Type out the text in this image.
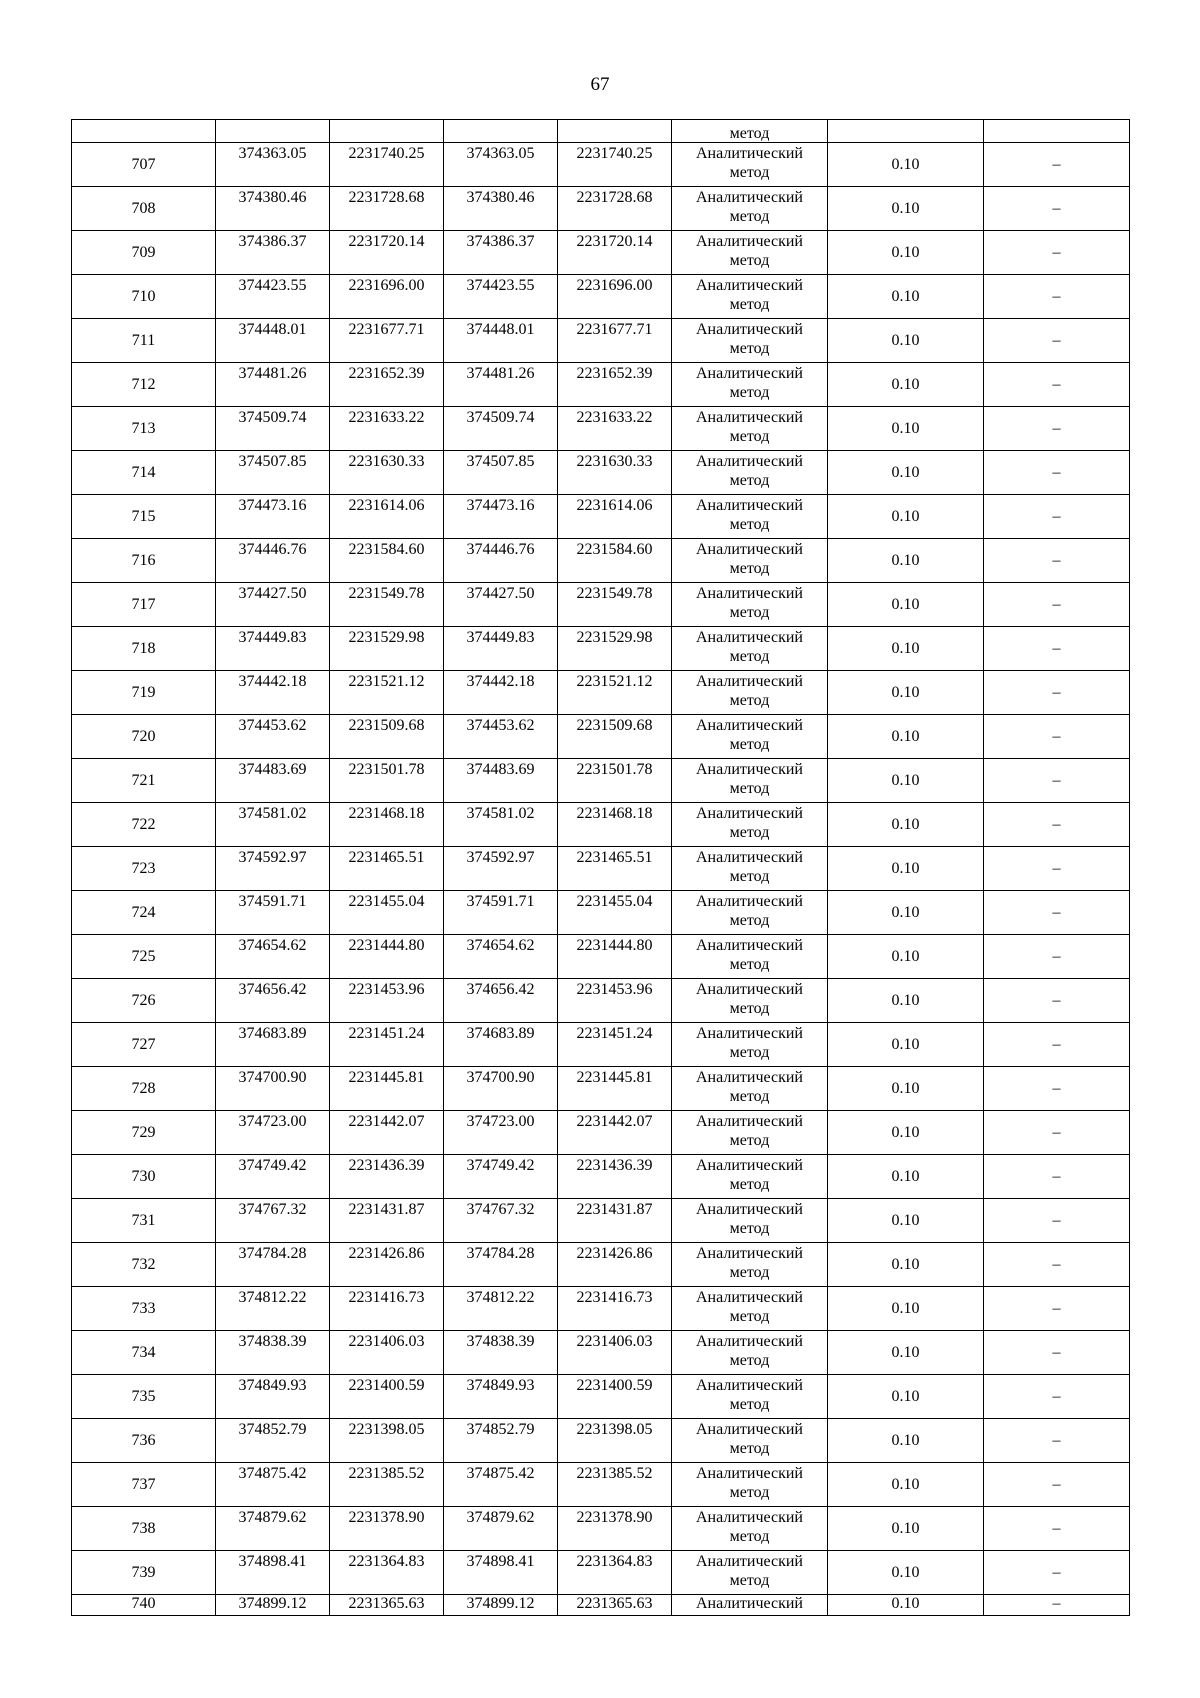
67
					метод		
707	374363.05	2231740.25	374363.05	2231740.25	Аналитический
метод	0.10	–
708	374380.46	2231728.68	374380.46	2231728.68	Аналитический
метод	0.10	–
709	374386.37	2231720.14	374386.37	2231720.14	Аналитический
метод	0.10	–
710	374423.55	2231696.00	374423.55	2231696.00	Аналитический
метод	0.10	–
711	374448.01	2231677.71	374448.01	2231677.71	Аналитический
метод	0.10	–
712	374481.26	2231652.39	374481.26	2231652.39	Аналитический
метод	0.10	–
713	374509.74	2231633.22	374509.74	2231633.22	Аналитический
метод	0.10	–
714	374507.85	2231630.33	374507.85	2231630.33	Аналитический
метод	0.10	–
715	374473.16	2231614.06	374473.16	2231614.06	Аналитический
метод	0.10	–
716	374446.76	2231584.60	374446.76	2231584.60	Аналитический
метод	0.10	–
717	374427.50	2231549.78	374427.50	2231549.78	Аналитический
метод	0.10	–
718	374449.83	2231529.98	374449.83	2231529.98	Аналитический
метод	0.10	–
719	374442.18	2231521.12	374442.18	2231521.12	Аналитический
метод	0.10	–
720	374453.62	2231509.68	374453.62	2231509.68	Аналитический
метод	0.10	–
721	374483.69	2231501.78	374483.69	2231501.78	Аналитический
метод	0.10	–
722	374581.02	2231468.18	374581.02	2231468.18	Аналитический
метод	0.10	–
723	374592.97	2231465.51	374592.97	2231465.51	Аналитический
метод	0.10	–
724	374591.71	2231455.04	374591.71	2231455.04	Аналитический
метод	0.10	–
725	374654.62	2231444.80	374654.62	2231444.80	Аналитический
метод	0.10	–
726	374656.42	2231453.96	374656.42	2231453.96	Аналитический
метод	0.10	–
727	374683.89	2231451.24	374683.89	2231451.24	Аналитический
метод	0.10	–
728	374700.90	2231445.81	374700.90	2231445.81	Аналитический
метод	0.10	–
729	374723.00	2231442.07	374723.00	2231442.07	Аналитический
метод	0.10	–
730	374749.42	2231436.39	374749.42	2231436.39	Аналитический
метод	0.10	–
731	374767.32	2231431.87	374767.32	2231431.87	Аналитический
метод	0.10	–
732	374784.28	2231426.86	374784.28	2231426.86	Аналитический
метод	0.10	–
733	374812.22	2231416.73	374812.22	2231416.73	Аналитический
метод	0.10	–
734	374838.39	2231406.03	374838.39	2231406.03	Аналитический
метод	0.10	–
735	374849.93	2231400.59	374849.93	2231400.59	Аналитический
метод	0.10	–
736	374852.79	2231398.05	374852.79	2231398.05	Аналитический
метод	0.10	–
737	374875.42	2231385.52	374875.42	2231385.52	Аналитический
метод	0.10	–
738	374879.62	2231378.90	374879.62	2231378.90	Аналитический
метод	0.10	–
739	374898.41	2231364.83	374898.41	2231364.83	Аналитический
метод	0.10	–
740	374899.12	2231365.63	374899.12	2231365.63	Аналитический	0.10	–
